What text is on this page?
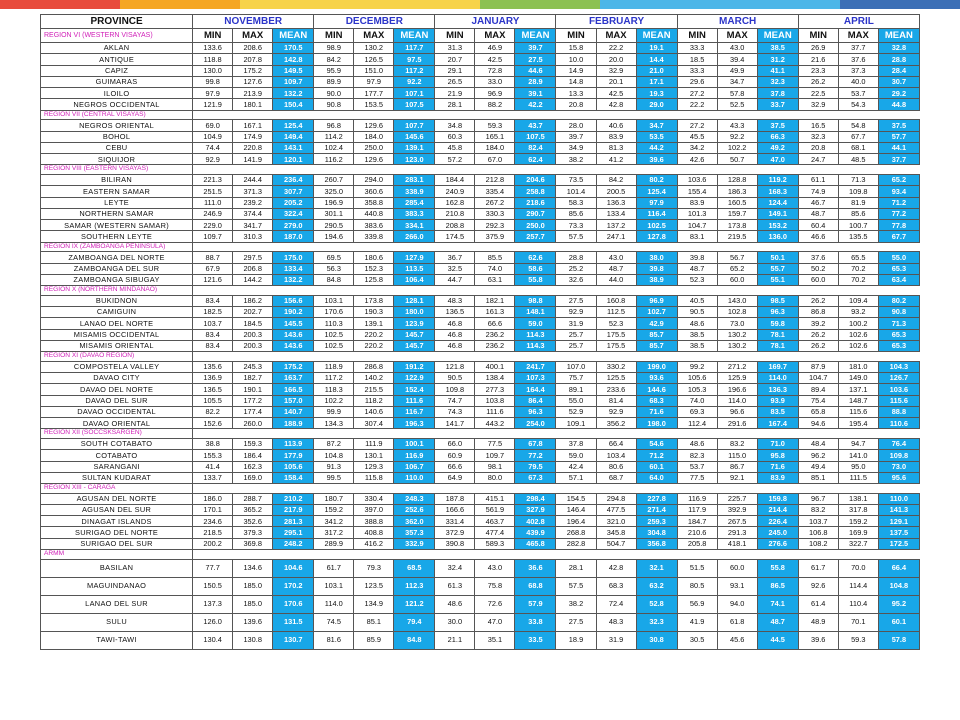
PROVINCE	NOVEMBER			DECEMBER			JANUARY			FEBRUARY			MARCH			APRIL		
REGION VI (WESTERN VISAYAS)	MIN	MAX	MEAN	MIN	MAX	MEAN	MIN	MAX	MEAN	MIN	MAX	MEAN	MIN	MAX	MEAN	MIN	MAX	MEAN
AKLAN	133.6	208.6	170.5	98.9	130.2	117.7	31.3	46.9	39.7	15.8	22.2	19.1	33.3	43.0	38.5	26.9	37.7	32.8
ANTIQUE	118.8	207.8	142.8	84.2	126.5	97.5	20.7	42.5	27.5	10.0	20.0	14.4	18.5	39.4	31.2	21.6	37.6	28.8
CAPIZ	130.0	175.2	149.5	95.9	151.0	117.2	29.1	72.8	44.6	14.9	32.9	21.0	33.3	49.9	41.1	23.3	37.3	28.4
GUIMARAS	99.8	127.6	109.7	89.9	97.9	92.2	26.5	33.0	28.9	14.8	20.1	17.1	29.6	34.7	32.3	26.2	40.0	30.7
ILOILO	97.9	213.9	132.2	90.0	177.7	107.1	21.9	96.9	39.1	13.3	42.5	19.3	27.2	57.8	37.8	22.5	53.7	29.2
NEGROS OCCIDENTAL	121.9	180.1	150.4	90.8	153.5	107.5	28.1	88.2	42.2	20.8	42.8	29.0	22.2	52.5	33.7	32.9	54.3	44.8
REGION VII (CENTRAL VISAYAS)																		
NEGROS ORIENTAL	69.0	167.1	125.4	96.8	129.6	107.7	34.8	59.3	43.7	28.0	40.6	34.7	27.2	43.3	37.5	16.5	54.8	37.5
BOHOL	104.9	174.9	149.4	114.2	184.0	145.6	60.3	165.1	107.5	39.7	83.9	53.5	45.5	92.2	66.3	32.3	67.7	57.7
CEBU	74.4	220.8	143.1	102.4	250.0	139.1	45.8	184.0	82.4	34.9	81.3	44.2	34.2	102.2	49.2	20.8	68.1	44.1
SIQUIJOR	92.9	141.9	120.1	116.2	129.6	123.0	57.2	67.0	62.4	38.2	41.2	39.6	42.6	50.7	47.0	24.7	48.5	37.7
REGION VIII (EASTERN VISAYAS)																		
BILIRAN	221.3	244.4	236.4	260.7	294.0	283.1	184.4	212.8	204.6	73.5	84.2	80.2	103.6	128.8	119.2	61.1	71.3	65.2
EASTERN SAMAR	251.5	371.3	307.7	325.0	360.6	338.9	240.9	335.4	258.8	101.4	200.5	125.4	155.4	186.3	168.3	74.9	109.8	93.4
LEYTE	111.0	239.2	205.2	196.9	358.8	285.4	162.8	267.2	218.6	58.3	136.3	97.9	83.9	160.5	124.4	46.7	81.9	71.2
NORTHERN SAMAR	246.9	374.4	322.4	301.1	440.8	383.3	210.8	330.3	290.7	85.6	133.4	116.4	101.3	159.7	149.1	48.7	85.6	77.2
SAMAR (WESTERN SAMAR)	229.0	341.7	279.0	290.5	383.6	334.1	208.8	292.3	250.0	73.3	137.2	102.5	104.7	173.8	153.2	60.4	100.7	77.8
SOUTHERN LEYTE	109.7	310.3	187.0	194.6	339.8	266.0	174.5	375.9	257.7	57.5	247.1	127.8	83.1	219.5	136.0	46.6	135.5	67.7
REGION IX (ZAMBOANGA PENINSULA)																		
ZAMBOANGA DEL NORTE	88.7	297.5	175.0	69.5	180.6	127.9	36.7	85.5	62.6	28.8	43.0	38.0	39.8	56.7	50.1	37.6	65.5	55.0
ZAMBOANGA DEL SUR	67.9	206.8	133.4	56.3	152.3	113.5	32.5	74.0	58.6	25.2	48.7	39.8	48.7	65.2	55.7	50.2	70.2	65.3
ZAMBOANGA SIBUGAY	121.6	144.2	132.2	84.8	125.8	106.4	44.7	63.1	55.8	32.6	44.0	38.9	52.3	60.0	55.1	60.0	70.2	63.4
REGION X (NORTHERN MINDANAO)																		
BUKIDNON	83.4	186.2	156.6	103.1	173.8	128.1	48.3	182.1	98.8	27.5	160.8	96.9	40.5	143.0	98.5	26.2	109.4	80.2
CAMIGUIN	182.5	202.7	190.2	170.6	190.3	180.0	136.5	161.3	148.1	92.9	112.5	102.7	90.5	102.8	96.3	86.8	93.2	90.8
LANAO DEL NORTE	103.7	184.5	145.5	110.3	139.1	123.9	46.8	66.6	59.0	31.9	52.3	42.9	48.6	73.0	59.8	39.2	100.2	71.3
MISAMIS OCCIDENTAL	83.4	200.3	143.6	102.5	220.2	145.7	46.8	236.2	114.3	25.7	175.5	85.7	38.5	130.2	78.1	26.2	102.6	65.3
MISAMIS ORIENTAL	83.4	200.3	143.6	102.5	220.2	145.7	46.8	236.2	114.3	25.7	175.5	85.7	38.5	130.2	78.1	26.2	102.6	65.3
REGION XI (DAVAO REGION)																		
COMPOSTELA VALLEY	135.6	245.3	175.2	118.9	286.8	191.2	121.8	400.1	241.7	107.0	330.2	199.0	99.2	271.2	169.7	87.9	181.0	104.3
DAVAO CITY	136.9	182.7	163.7	117.2	140.2	122.9	90.5	138.4	107.3	75.7	125.5	93.6	105.6	125.9	114.0	104.7	149.0	126.7
DAVAO DEL NORTE	136.5	190.1	166.5	118.3	215.5	152.4	109.8	277.3	164.4	89.1	233.6	144.6	105.3	196.6	136.3	89.4	137.1	103.6
DAVAO DEL SUR	105.5	177.2	157.0	102.2	118.2	111.6	74.7	103.8	86.4	55.0	81.4	68.3	74.0	114.0	93.9	75.4	148.7	115.6
DAVAO OCCIDENTAL	82.2	177.4	140.7	99.9	140.6	116.7	74.3	111.6	96.3	52.9	92.9	71.6	69.3	96.6	83.5	65.8	115.6	88.8
DAVAO ORIENTAL	152.6	260.0	188.9	134.3	307.4	196.3	141.7	443.2	254.0	109.1	356.2	198.0	112.4	291.6	167.4	94.6	195.4	110.6
REGION XII (SOCCSKSARGEN)																		
SOUTH COTABATO	38.8	159.3	113.9	87.2	111.9	100.1	66.0	77.5	67.8	37.8	66.4	54.6	48.6	83.2	71.0	48.4	94.7	76.4
COTABATO	155.3	186.4	177.9	104.8	130.1	116.9	60.9	109.7	77.2	59.0	103.4	71.2	82.3	115.0	95.8	96.2	141.0	109.8
SARANGANI	41.4	162.3	105.6	91.3	129.3	106.7	66.6	98.1	79.5	42.4	80.6	60.1	53.7	86.7	71.6	49.4	95.0	73.0
SULTAN KUDARAT	133.7	169.0	158.4	99.5	115.8	110.0	64.9	80.0	67.3	57.1	68.7	64.0	77.5	92.1	83.9	85.1	111.5	95.6
REGION XIII - CARAGA																		
AGUSAN DEL NORTE	186.0	288.7	210.2	180.7	330.4	248.3	187.8	415.1	298.4	154.5	294.8	227.8	116.9	225.7	159.8	96.7	138.1	110.0
AGUSAN DEL SUR	170.1	365.2	217.9	159.2	397.0	252.6	166.6	561.9	327.9	146.4	477.5	271.4	117.9	392.9	214.4	83.2	317.8	141.3
DINAGAT ISLANDS	234.6	352.6	281.3	341.2	388.8	362.0	331.4	463.7	402.8	196.4	321.0	259.3	184.7	267.5	226.4	103.7	159.2	129.1
SURIGAO DEL NORTE	218.5	379.3	295.1	317.2	408.8	357.3	372.9	477.4	439.9	268.8	345.8	304.8	210.6	291.3	245.0	106.8	169.9	137.5
SURIGAO DEL SUR	200.2	369.8	248.2	289.9	416.2	332.9	390.8	589.3	465.8	282.8	504.7	356.8	205.8	418.1	276.6	108.2	322.7	172.5
ARMM																		
BASILAN	77.7	134.6	104.6	61.7	79.3	68.5	32.4	43.0	36.6	28.1	42.8	32.1	51.5	60.0	55.8	61.7	70.0	66.4
MAGUINDANAO	150.5	185.0	170.2	103.1	123.5	112.3	61.3	75.8	68.8	57.5	68.3	63.2	80.5	93.1	86.5	92.6	114.4	104.8
LANAO DEL SUR	137.3	185.0	170.6	114.0	134.9	121.2	48.6	72.6	57.9	38.2	72.4	52.8	56.9	94.0	74.1	61.4	110.4	95.2
SULU	126.0	139.6	131.5	74.5	85.1	79.4	30.0	47.0	33.8	27.5	48.3	32.3	41.9	61.8	48.7	48.9	70.1	60.1
TAWI-TAWI	130.4	130.8	130.7	81.6	85.9	84.8	21.1	35.1	33.5	18.9	31.9	30.8	30.5	45.6	44.5	39.6	59.3	57.8
